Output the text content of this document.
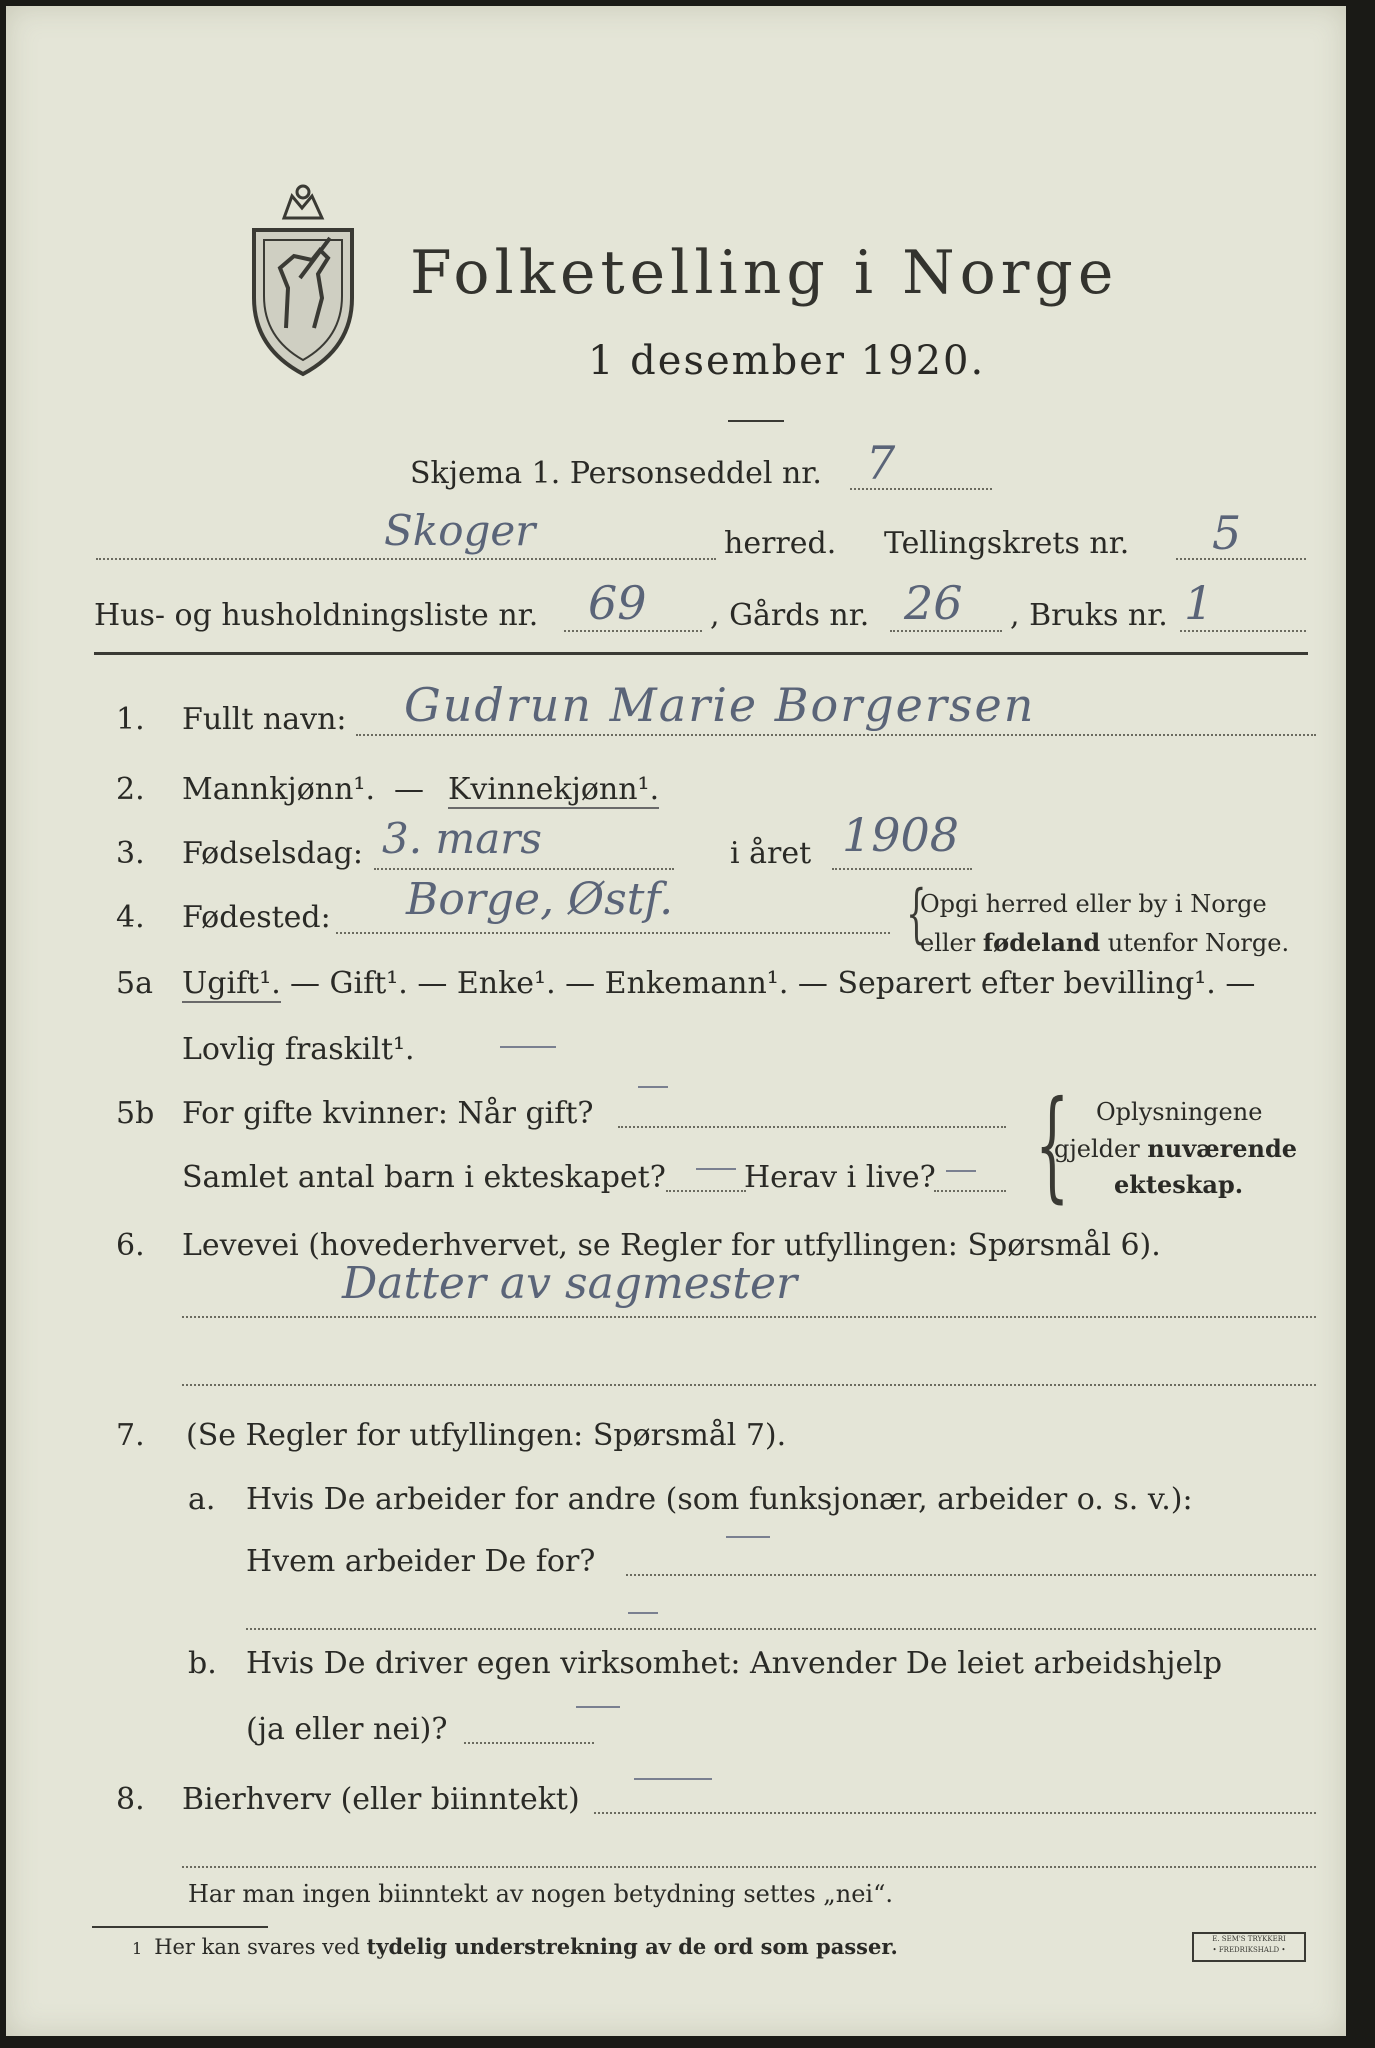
Folketelling i Norge
1 desember 1920.
Skjema 1. Personseddel nr. 7
Skoger	herred. Tellingskrets nr. 5
Hus- og husholdningsliste nr. 69 , Gårds nr. 26 , Bruks nr. 1
1. Fullt navn: Gudrun Marie Borgersen
2. Mannkjønn¹. — Kvinnekjønn¹.
3. Fødselsdag: 3. mars	i året 1908
4. Fødested: Borge, Østf.	{
Opgi herred eller by i Norge
eller fødeland utenfor Norge.
5a Ugift¹. — Gift¹. — Enke¹. — Enkemann¹. — Separert efter bevilling¹. —
Lovlig fraskilt¹.
5b For gifte kvinner: Når gift?
Samlet antal barn i ekteskapet?	Herav i live? { Oplysningene
gjelder nuværende
ekteskap.
6. Levevei (hovederhvervet, se Regler for utfyllingen: Spørsmål 6).
Datter av sagmester
7. (Se Regler for utfyllingen: Spørsmål 7).
a. Hvis De arbeider for andre (som funksjonær, arbeider o. s. v.):
Hvem arbeider De for?
b. Hvis De driver egen virksomhet: Anvender De leiet arbeidshjelp
(ja eller nei)?
8. Bierhverv (eller biinntekt)
Har man ingen biinntekt av nogen betydning settes „nei“.
1 Her kan svares ved tydelig understrekning av de ord som passer.	E. SEM'S TRYKKERI
• FREDRIKSHALD •
